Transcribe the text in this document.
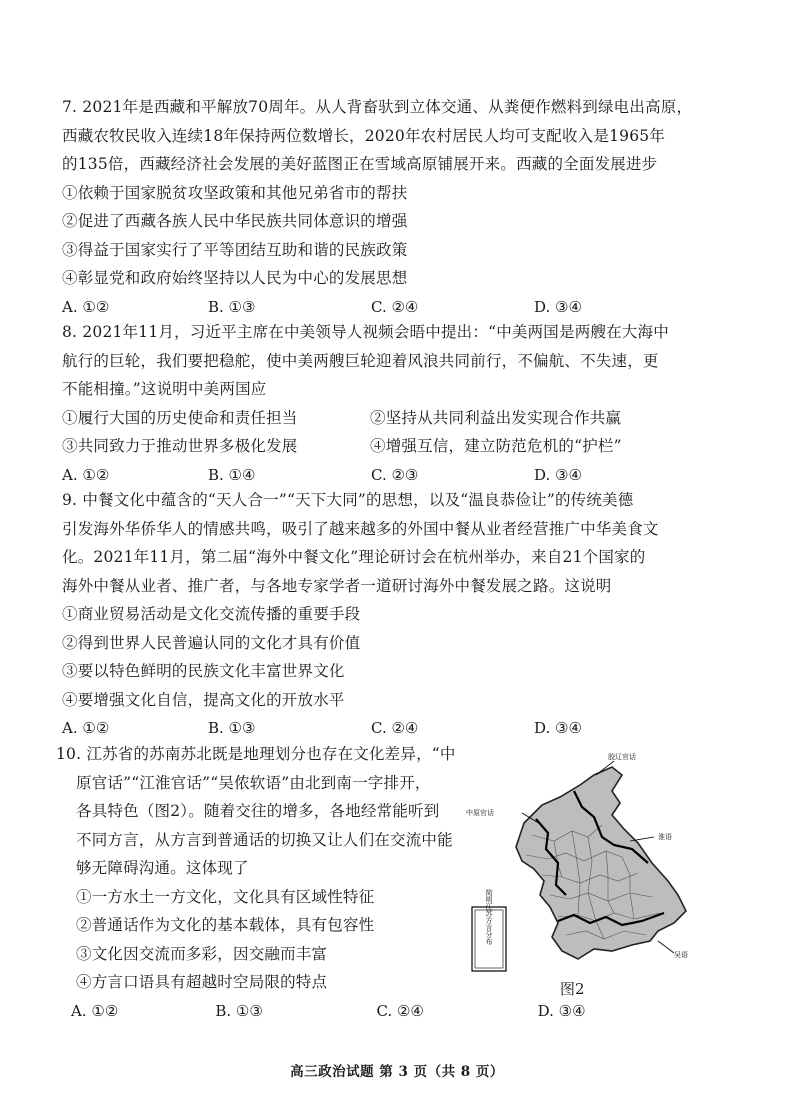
7. 2021年是西藏和平解放70周年。从人背畜驮到立体交通、从粪便作燃料到绿电出高原，
西藏农牧民收入连续18年保持两位数增长，2020年农村居民人均可支配收入是1965年
的135倍，西藏经济社会发展的美好蓝图正在雪域高原铺展开来。西藏的全面发展进步
①依赖于国家脱贫攻坚政策和其他兄弟省市的帮扶
②促进了西藏各族人民中华民族共同体意识的增强
③得益于国家实行了平等团结互助和谐的民族政策
④彰显党和政府始终坚持以人民为中心的发展思想
A. ①②	B. ①③	C. ②④	D. ③④
8. 2021年11月，习近平主席在中美领导人视频会晤中提出：“中美两国是两艘在大海中
航行的巨轮，我们要把稳舵，使中美两艘巨轮迎着风浪共同前行，不偏航、不失速，更
不能相撞。”这说明中美两国应
①履行大国的历史使命和责任担当	②坚持从共同利益出发实现合作共赢
③共同致力于推动世界多极化发展	④增强互信，建立防范危机的“护栏”
A. ①②	B. ①④	C. ②③	D. ③④
9. 中餐文化中蕴含的“天人合一”“天下大同”的思想，以及“温良恭俭让”的传统美德
引发海外华侨华人的情感共鸣，吸引了越来越多的外国中餐从业者经营推广中华美食文
化。2021年11月，第二届“海外中餐文化”理论研讨会在杭州举办，来自21个国家的
海外中餐从业者、推广者，与各地专家学者一道研讨海外中餐发展之路。这说明
①商业贸易活动是文化交流传播的重要手段
②得到世界人民普遍认同的文化才具有价值
③要以特色鲜明的民族文化丰富世界文化
④要增强文化自信，提高文化的开放水平
A. ①②	B. ①③	C. ②④	D. ③④
10. 江苏省的苏南苏北既是地理划分也存在文化差异，“中
原官话”“江淮官话”“吴侬软语”由北到南一字排开，
各具特色（图2）。随着交往的增多，各地经常能听到
不同方言，从方言到普通话的切换又让人们在交流中能
够无障碍沟通。这体现了
①一方水土一方文化，文化具有区域性特征
②普通话作为文化的基本载体，具有包容性
③文化因交流而多彩，因交融而丰富
④方言口语具有超越时空局限的特点
A. ①②	B. ①③	C. ②④	D. ③④
胶辽官话
中原官话
淮语
吴语
简明江苏方言分布
图2
高三政治试题 第 3 页（共 8 页）
